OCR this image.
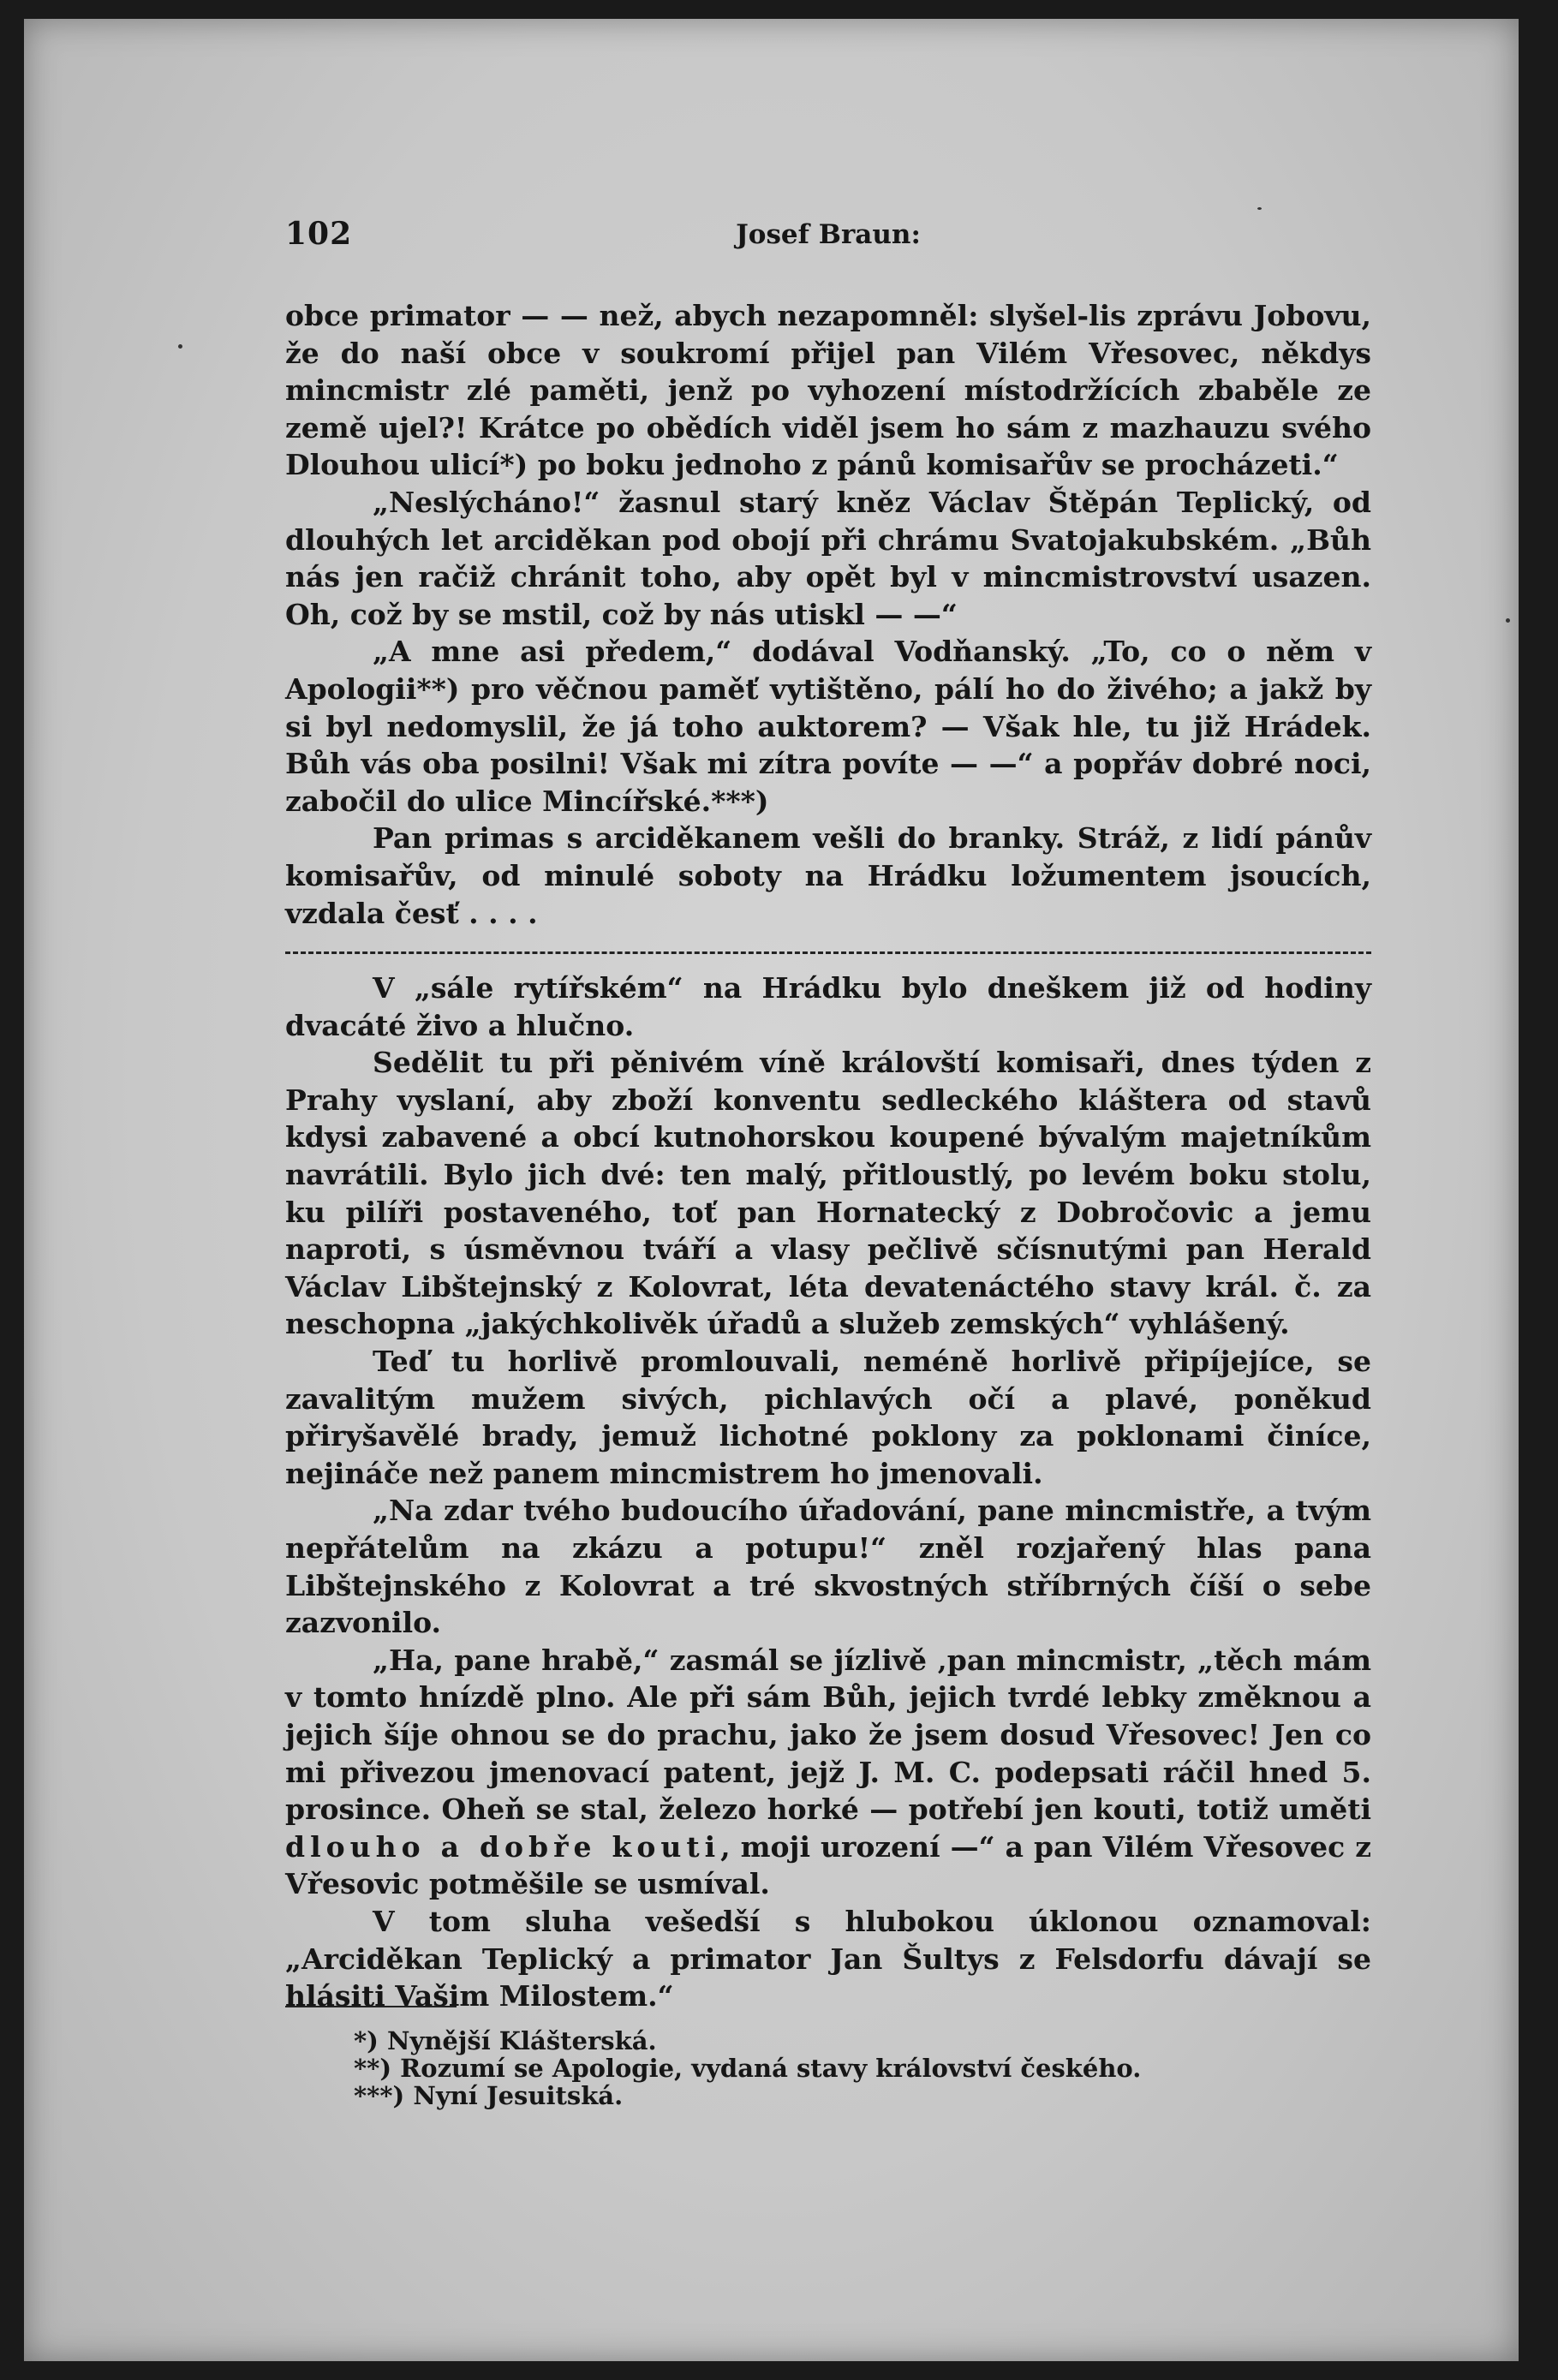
102	Josef Braun:

obce primator — — než, abych nezapomněl: slyšel-lis zprávu Jobovu, že do naší obce v soukromí přijel pan Vilém Vřesovec, někdys mincmistr zlé paměti, jenž po vyhození místodržících zbaběle ze země ujel?! Krátce po obědích viděl jsem ho sám z mazhauzu svého Dlouhou ulicí*) po boku jednoho z pánů komisařův se procházeti.“

„Neslýcháno!“ žasnul starý kněz Václav Štěpán Teplický, od dlouhých let arciděkan pod obojí při chrámu Svatojakubském. „Bůh nás jen račiž chránit toho, aby opět byl v mincmistrovství usazen. Oh, což by se mstil, což by nás utiskl — —“

„A mne asi předem,“ dodával Vodňanský. „To, co o něm v Apologii**) pro věčnou paměť vytištěno, pálí ho do živého; a jakž by si byl nedomyslil, že já toho auktorem? — Však hle, tu již Hrádek. Bůh vás oba posilni! Však mi zítra povíte — —“ a popřáv dobré noci, zabočil do ulice Mincířské.***)

Pan primas s arciděkanem vešli do branky. Stráž, z lidí pánův komisařův, od minulé soboty na Hrádku ložumentem jsoucích, vzdala česť . . . .

V „sále rytířském“ na Hrádku bylo dneškem již od hodiny dvacáté živo a hlučno.

Sedělit tu při pěnivém víně královští komisaři, dnes týden z Prahy vyslaní, aby zboží konventu sedleckého kláštera od stavů kdysi zabavené a obcí kutnohorskou koupené bývalým majetníkům navrátili. Bylo jich dvé: ten malý, přitloustlý, po levém boku stolu, ku pilíři postaveného, toť pan Hornatecký z Dobročovic a jemu naproti, s úsměvnou tváří a vlasy pečlivě sčísnutými pan Herald Václav Libštejnský z Kolovrat, léta devatenáctého stavy král. č. za neschopna „jakýchkolivěk úřadů a služeb zemských“ vyhlášený.

Teď tu horlivě promlouvali, neméně horlivě připíjejíce, se zavalitým mužem sivých, pichlavých očí a plavé, poněkud přiryšavělé brady, jemuž lichotné poklony za poklonami činíce, nejináče než panem mincmistrem ho jmenovali.

„Na zdar tvého budoucího úřadování, pane mincmistře, a tvým nepřátelům na zkázu a potupu!“ zněl rozjařený hlas pana Libštejnského z Kolovrat a tré skvostných stříbrných číší o sebe zazvonilo.

„Ha, pane hrabě,“ zasmál se jízlivě ‚pan mincmistr, „těch mám v tomto hnízdě plno. Ale při sám Bůh, jejich tvrdé lebky změknou a jejich šíje ohnou se do prachu, jako že jsem dosud Vřesovec! Jen co mi přivezou jmenovací patent, jejž J. M. C. podepsati ráčil hned 5. prosince. Oheň se stal, železo horké — potřebí jen kouti, totiž uměti dlouho a dobře kouti, moji urození —“ a pan Vilém Vřesovec z Vřesovic potměšile se usmíval.

V tom sluha vešedší s hlubokou úklonou oznamoval: „Arciděkan Teplický a primator Jan Šultys z Felsdorfu dávají se hlásiti Vašim Milostem.“

*) Nynější Klášterská.
**) Rozumí se Apologie, vydaná stavy království českého.
***) Nyní Jesuitská.
